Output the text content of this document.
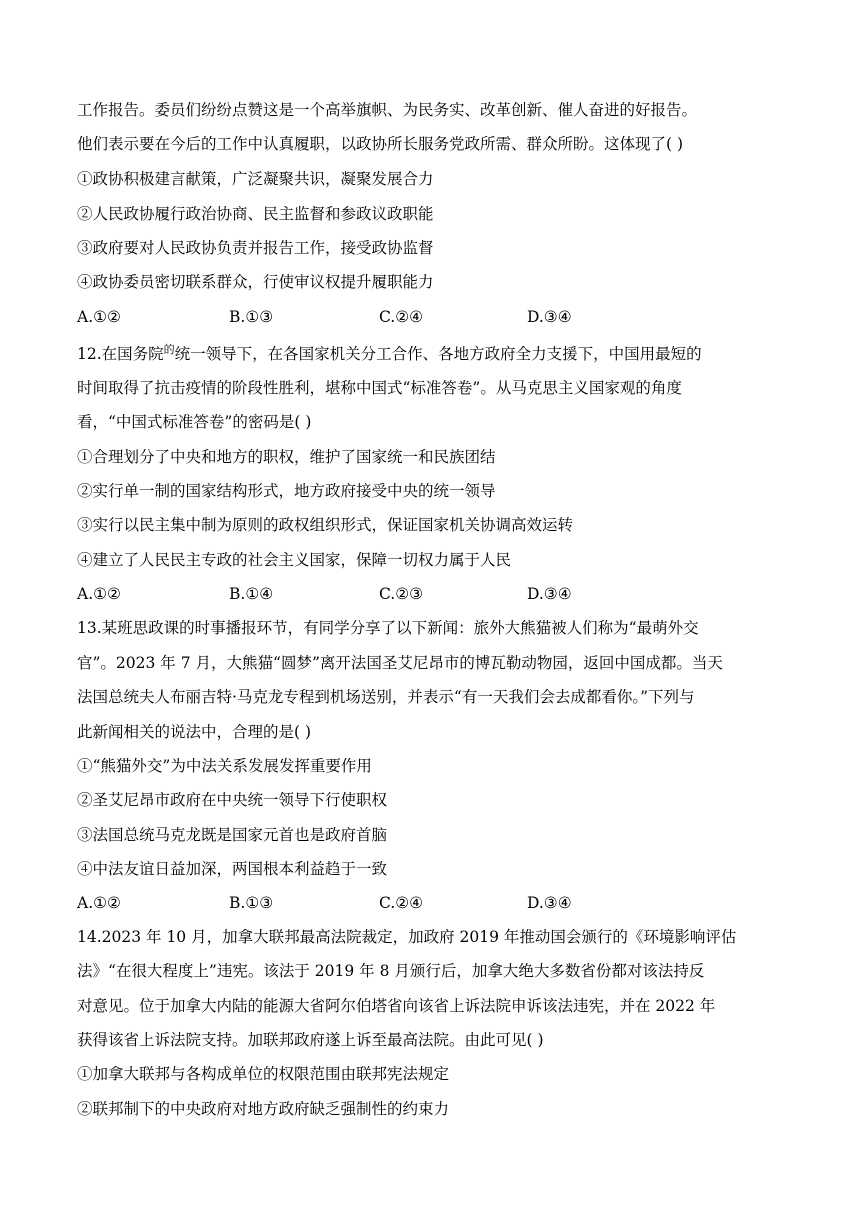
工作报告。委员们纷纷点赞这是一个高举旗帜、为民务实、改革创新、催人奋进的好报告。
他们表示要在今后的工作中认真履职，以政协所长服务党政所需、群众所盼。这体现了( )
①政协积极建言献策，广泛凝聚共识，凝聚发展合力
②人民政协履行政治协商、民主监督和参政议政职能
③政府要对人民政协负责并报告工作，接受政协监督
④政协委员密切联系群众，行使审议权提升履职能力
A.①②	B.①③	C.②④	D.③④
12.在国务院$^的$统一领导下，在各国家机关分工合作、各地方政府全力支援下，中国用最短的
时间取得了抗击疫情的阶段性胜利，堪称中国式“标准答卷”。从马克思主义国家观的角度
看，“中国式标准答卷”的密码是( )
①合理划分了中央和地方的职权，维护了国家统一和民族团结
②实行单一制的国家结构形式，地方政府接受中央的统一领导
③实行以民主集中制为原则的政权组织形式，保证国家机关协调高效运转
④建立了人民民主专政的社会主义国家，保障一切权力属于人民
A.①②	B.①④	C.②③	D.③④
13.某班思政课的时事播报环节，有同学分享了以下新闻：旅外大熊猫被人们称为“最萌外交
官”。2023 年 7 月，大熊猫“圆梦”离开法国圣艾尼昂市的博瓦勒动物园，返回中国成都。当天
法国总统夫人布丽吉特·马克龙专程到机场送别，并表示“有一天我们会去成都看你。”下列与
此新闻相关的说法中，合理的是( )
①“熊猫外交”为中法关系发展发挥重要作用
②圣艾尼昂市政府在中央统一领导下行使职权
③法国总统马克龙既是国家元首也是政府首脑
④中法友谊日益加深，两国根本利益趋于一致
A.①②	B.①③	C.②④	D.③④
14.2023 年 10 月，加拿大联邦最高法院裁定，加政府 2019 年推动国会颁行的《环境影响评估
法》“在很大程度上”违宪。该法于 2019 年 8 月颁行后，加拿大绝大多数省份都对该法持反
对意见。位于加拿大内陆的能源大省阿尔伯塔省向该省上诉法院申诉该法违宪，并在 2022 年
获得该省上诉法院支持。加联邦政府遂上诉至最高法院。由此可见( )
①加拿大联邦与各构成单位的权限范围由联邦宪法规定
②联邦制下的中央政府对地方政府缺乏强制性的约束力
